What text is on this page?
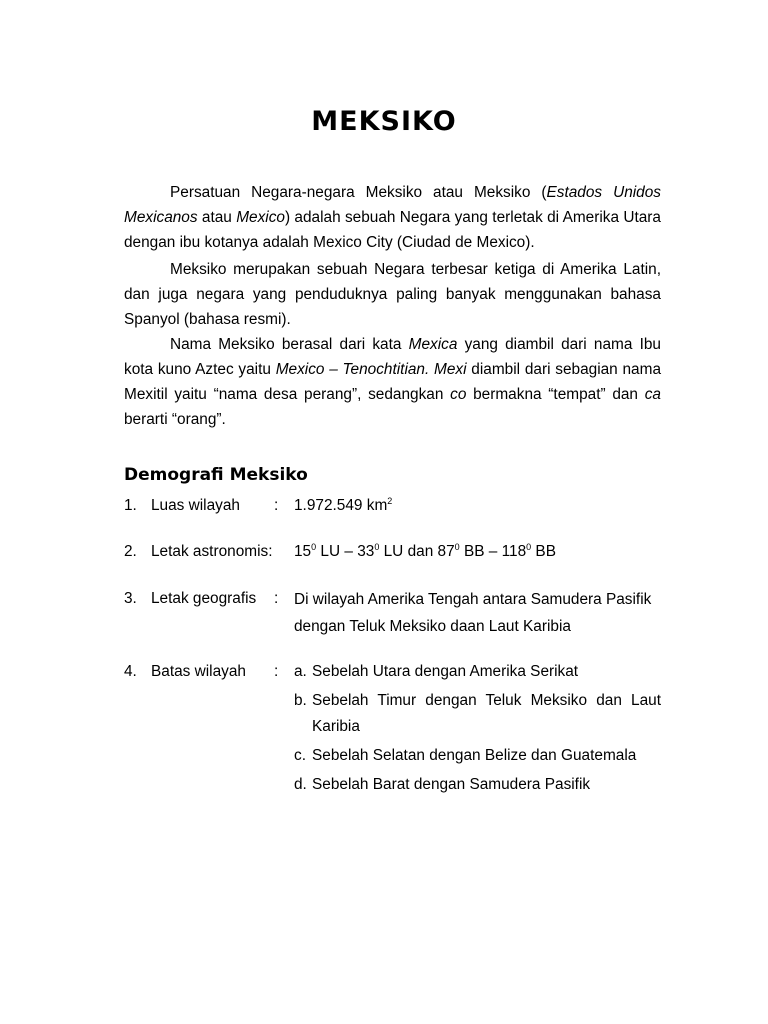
MEKSIKO

Persatuan Negara-negara Meksiko atau Meksiko (Estados Unidos Mexicanos atau Mexico) adalah sebuah Negara yang terletak di Amerika Utara dengan ibu kotanya adalah Mexico City (Ciudad de Mexico).

Meksiko merupakan sebuah Negara terbesar ketiga di Amerika Latin, dan juga negara yang penduduknya paling banyak menggunakan bahasa Spanyol (bahasa resmi).

Nama Meksiko berasal dari kata Mexica yang diambil dari nama Ibu kota kuno Aztec yaitu Mexico – Tenochtitian. Mexi diambil dari sebagian nama Mexitil yaitu “nama desa perang”, sedangkan co bermakna “tempat” dan ca berarti “orang”.

Demografi Meksiko
1. Luas wilayah : 1.972.549 $km^2$
2. Letak astronomis: $15^0$ LU – $33^0$ LU dan $87^0$ BB – $118^0$ BB
3. Letak geografis : Di wilayah Amerika Tengah antara Samudera Pasifik dengan Teluk Meksiko daan Laut Karibia
4. Batas wilayah : a. Sebelah Utara dengan Amerika Serikat
b. Sebelah Timur dengan Teluk Meksiko dan Laut Karibia
c. Sebelah Selatan dengan Belize dan Guatemala
d. Sebelah Barat dengan Samudera Pasifik
